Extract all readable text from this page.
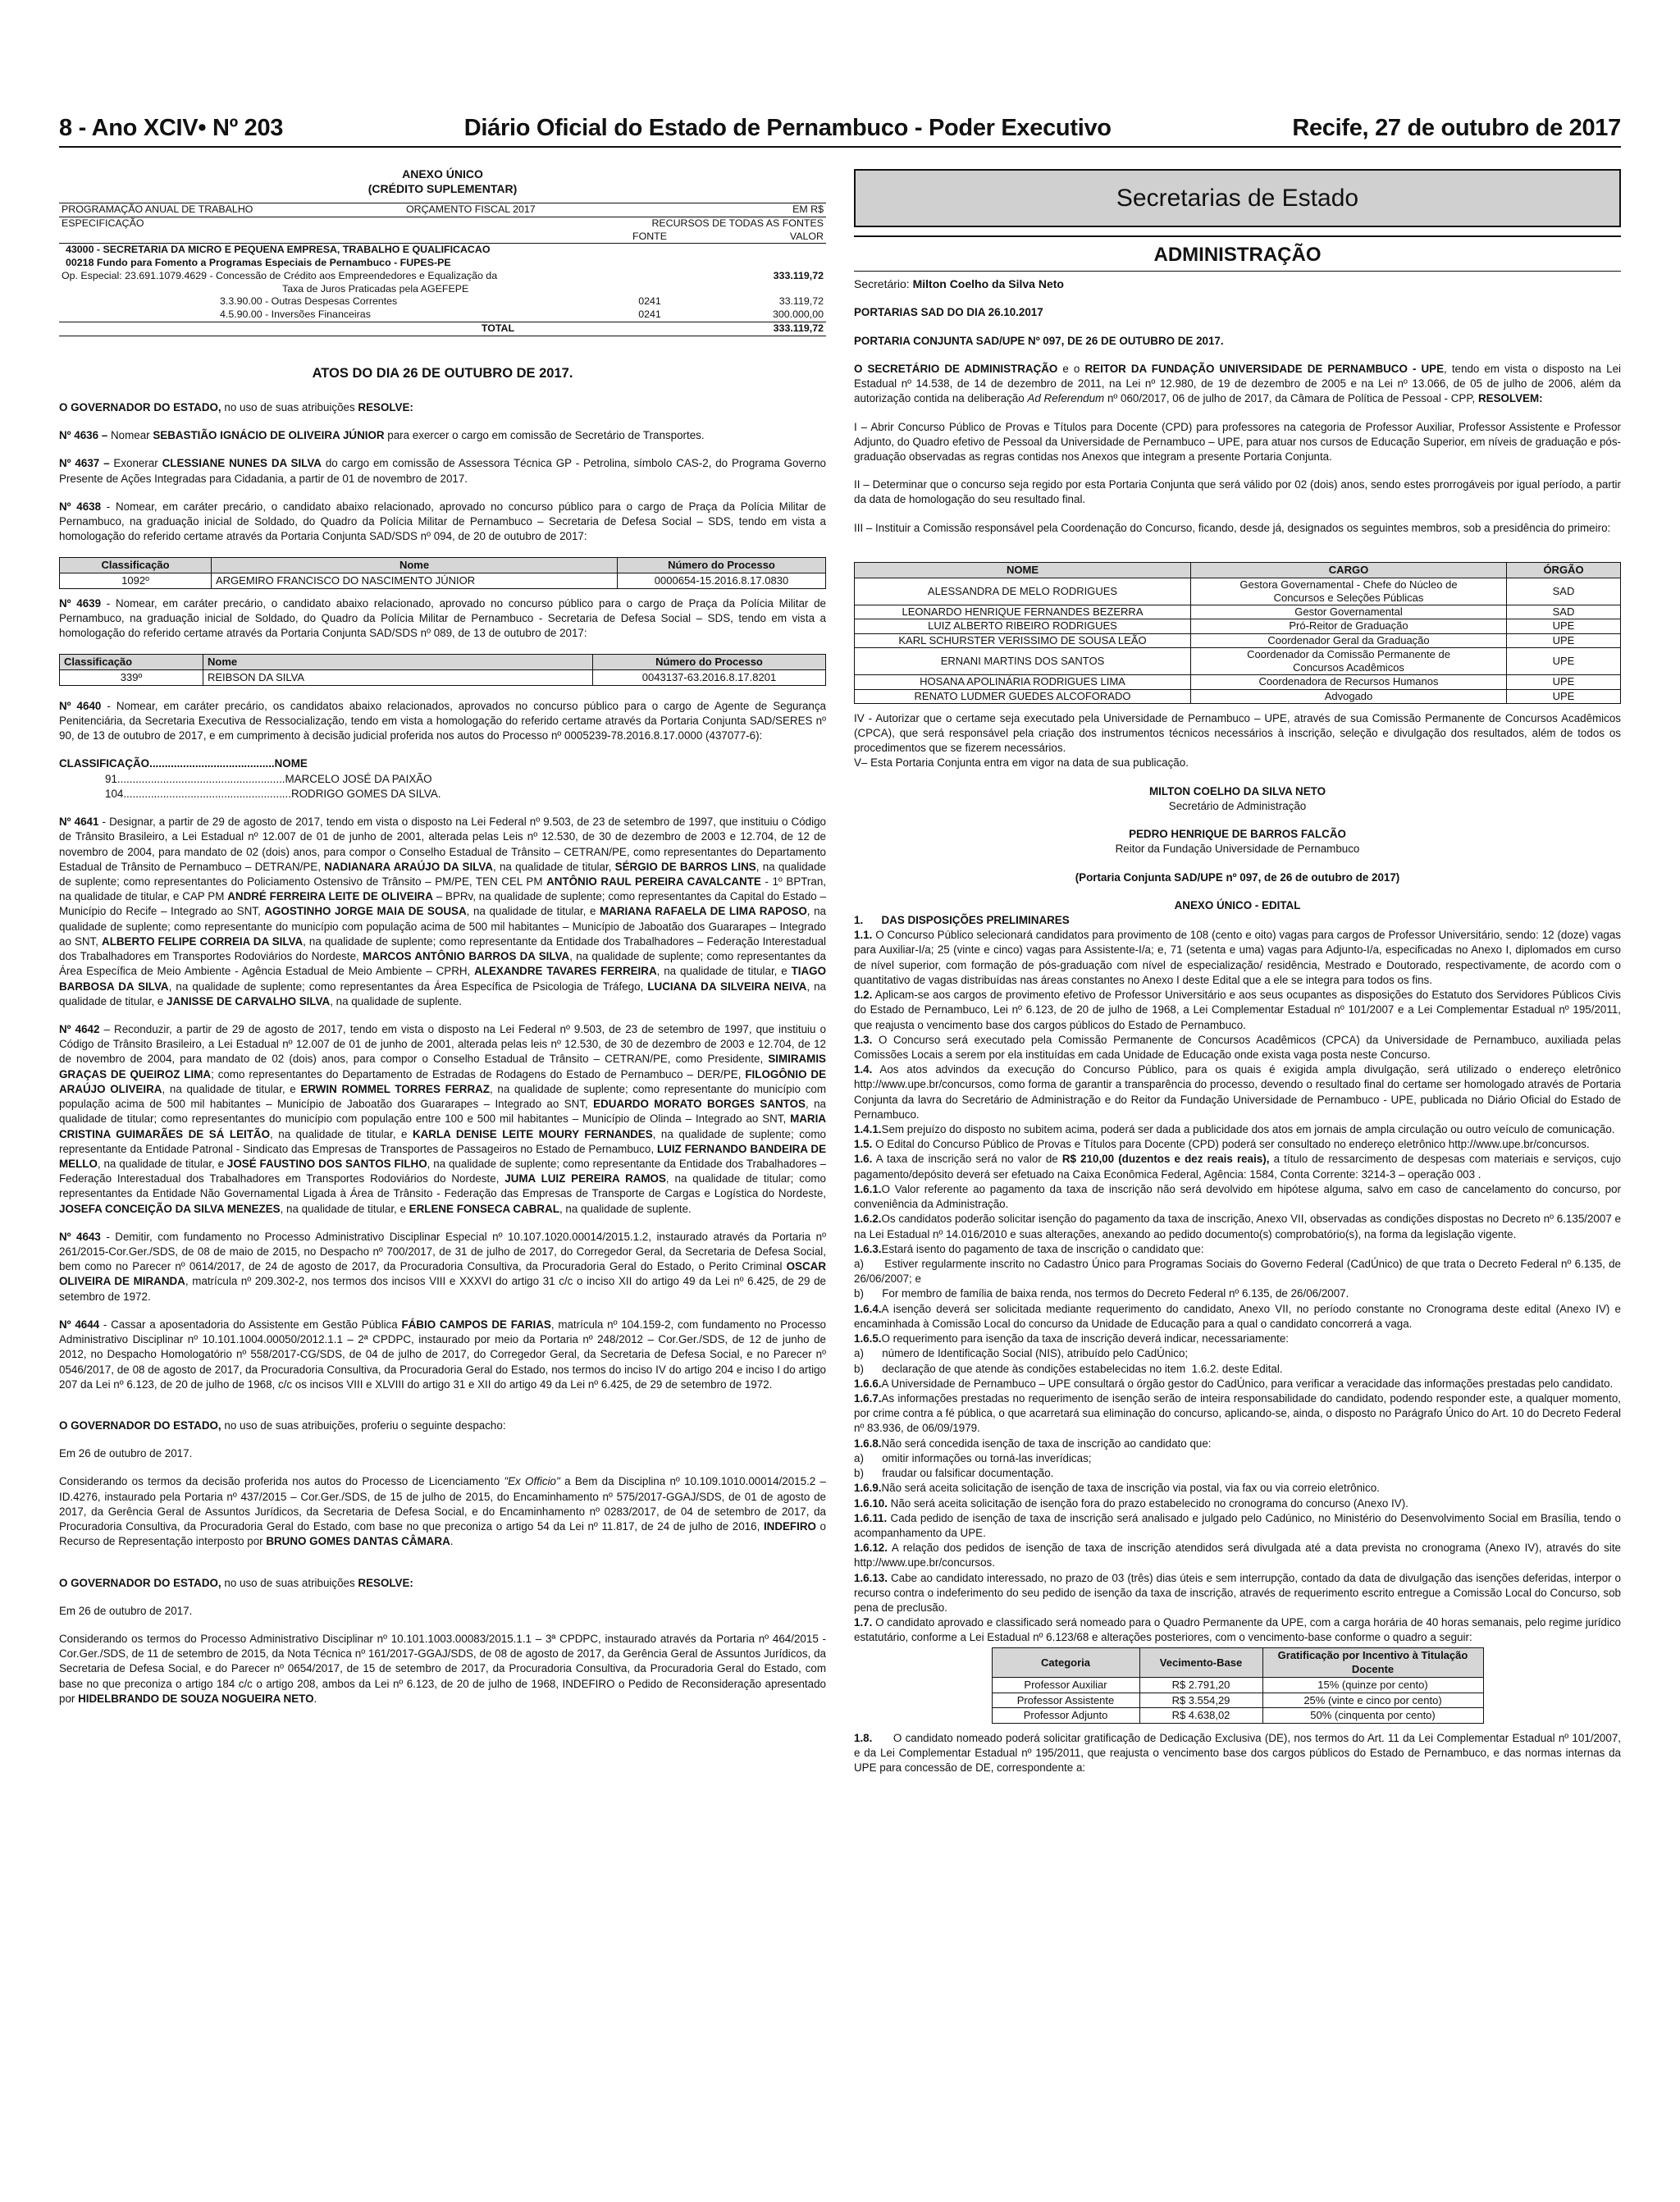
8 - Ano XCIV• Nº 203	Diário Oficial do Estado de Pernambuco - Poder Executivo	Recife, 27 de outubro de 2017
ANEXO ÚNICO
(CRÉDITO SUPLEMENTAR)
PROGRAMAÇÃO ANUAL DE TRABALHO	ORÇAMENTO FISCAL 2017		EM R$
ESPECIFICAÇÃO		RECURSOS DE TODAS AS FONTES	
		FONTE	VALOR
43000 - SECRETARIA DA MICRO E PEQUENA EMPRESA, TRABALHO E QUALIFICACAO			
00218 Fundo para Fomento a Programas Especiais de Pernambuco - FUPES-PE			
Op. Especial: 23.691.1079.4629 - Concessão de Crédito aos Empreendedores e Equalização da			333.119,72
Taxa de Juros Praticadas pela AGEFEPE			
3.3.90.00 - Outras Despesas Correntes		0241	33.119,72
4.5.90.00 - Inversões Financeiras		0241	300.000,00
	TOTAL		333.119,72
ATOS DO DIA 26 DE OUTUBRO DE 2017.

O GOVERNADOR DO ESTADO, no uso de suas atribuições RESOLVE:

Nº 4636 – Nomear SEBASTIÃO IGNÁCIO DE OLIVEIRA JÚNIOR para exercer o cargo em comissão de Secretário de Transportes.

Nº 4637 – Exonerar CLESSIANE NUNES DA SILVA do cargo em comissão de Assessora Técnica GP - Petrolina, símbolo CAS-2, do Programa Governo Presente de Ações Integradas para Cidadania, a partir de 01 de novembro de 2017.

Nº 4638 - Nomear, em caráter precário, o candidato abaixo relacionado, aprovado no concurso público para o cargo de Praça da Polícia Militar de Pernambuco, na graduação inicial de Soldado, do Quadro da Polícia Militar de Pernambuco – Secretaria de Defesa Social – SDS, tendo em vista a homologação do referido certame através da Portaria Conjunta SAD/SDS nº 094, de 20 de outubro de 2017:

Classificação	Nome	Número do Processo
1092º	ARGEMIRO FRANCISCO DO NASCIMENTO JÚNIOR	0000654-15.2016.8.17.0830

Nº 4639 - Nomear, em caráter precário, o candidato abaixo relacionado, aprovado no concurso público para o cargo de Praça da Polícia Militar de Pernambuco, na graduação inicial de Soldado, do Quadro da Polícia Militar de Pernambuco - Secretaria de Defesa Social – SDS, tendo em vista a homologação do referido certame através da Portaria Conjunta SAD/SDS nº 089, de 13 de outubro de 2017:

Classificação	Nome	Número do Processo
339º	REIBSON DA SILVA	0043137-63.2016.8.17.8201

Nº 4640 - Nomear, em caráter precário, os candidatos abaixo relacionados, aprovados no concurso público para o cargo de Agente de Segurança Penitenciária, da Secretaria Executiva de Ressocialização, tendo em vista a homologação do referido certame através da Portaria Conjunta SAD/SERES nº 90, de 13 de outubro de 2017, e em cumprimento à decisão judicial proferida nos autos do Processo nº 0005239-78.2016.8.17.0000 (437077-6):

CLASSIFICAÇÃO.........................................NOME
91.......................................................MARCELO JOSÉ DA PAIXÃO
104.......................................................RODRIGO GOMES DA SILVA.

Nº 4641 - Designar, a partir de 29 de agosto de 2017, tendo em vista o disposto na Lei Federal nº 9.503, de 23 de setembro de 1997, que instituiu o Código de Trânsito Brasileiro, a Lei Estadual nº 12.007 de 01 de junho de 2001, alterada pelas Leis nº 12.530, de 30 de dezembro de 2003 e 12.704, de 12 de novembro de 2004, para mandato de 02 (dois) anos, para compor o Conselho Estadual de Trânsito – CETRAN/PE, como representantes do Departamento Estadual de Trânsito de Pernambuco – DETRAN/PE, NADIANARA ARAÚJO DA SILVA, na qualidade de titular, SÉRGIO DE BARROS LINS, na qualidade de suplente; como representantes do Policiamento Ostensivo de Trânsito – PM/PE, TEN CEL PM ANTÔNIO RAUL PEREIRA CAVALCANTE - 1º BPTran, na qualidade de titular, e CAP PM ANDRÉ FERREIRA LEITE DE OLIVEIRA – BPRv, na qualidade de suplente; como representantes da Capital do Estado – Município do Recife – Integrado ao SNT, AGOSTINHO JORGE MAIA DE SOUSA, na qualidade de titular, e MARIANA RAFAELA DE LIMA RAPOSO, na qualidade de suplente; como representante do município com população acima de 500 mil habitantes – Município de Jaboatão dos Guararapes – Integrado ao SNT, ALBERTO FELIPE CORREIA DA SILVA, na qualidade de suplente; como representante da Entidade dos Trabalhadores – Federação Interestadual dos Trabalhadores em Transportes Rodoviários do Nordeste, MARCOS ANTÔNIO BARROS DA SILVA, na qualidade de suplente; como representantes da Área Específica de Meio Ambiente - Agência Estadual de Meio Ambiente – CPRH, ALEXANDRE TAVARES FERREIRA, na qualidade de titular, e TIAGO BARBOSA DA SILVA, na qualidade de suplente; como representantes da Área Específica de Psicologia de Tráfego, LUCIANA DA SILVEIRA NEIVA, na qualidade de titular, e JANISSE DE CARVALHO SILVA, na qualidade de suplente.

Nº 4642 – Reconduzir, a partir de 29 de agosto de 2017, tendo em vista o disposto na Lei Federal nº 9.503, de 23 de setembro de 1997, que instituiu o Código de Trânsito Brasileiro, a Lei Estadual nº 12.007 de 01 de junho de 2001, alterada pelas leis nº 12.530, de 30 de dezembro de 2003 e 12.704, de 12 de novembro de 2004, para mandato de 02 (dois) anos, para compor o Conselho Estadual de Trânsito – CETRAN/PE, como Presidente, SIMIRAMIS GRAÇAS DE QUEIROZ LIMA; como representantes do Departamento de Estradas de Rodagens do Estado de Pernambuco – DER/PE, FILOGÔNIO DE ARAÚJO OLIVEIRA, na qualidade de titular, e ERWIN ROMMEL TORRES FERRAZ, na qualidade de suplente; como representante do município com população acima de 500 mil habitantes – Município de Jaboatão dos Guararapes – Integrado ao SNT, EDUARDO MORATO BORGES SANTOS, na qualidade de titular; como representantes do município com população entre 100 e 500 mil habitantes – Município de Olinda – Integrado ao SNT, MARIA CRISTINA GUIMARÃES DE SÁ LEITÃO, na qualidade de titular, e KARLA DENISE LEITE MOURY FERNANDES, na qualidade de suplente; como representante da Entidade Patronal - Sindicato das Empresas de Transportes de Passageiros no Estado de Pernambuco, LUIZ FERNANDO BANDEIRA DE MELLO, na qualidade de titular, e JOSÉ FAUSTINO DOS SANTOS FILHO, na qualidade de suplente; como representante da Entidade dos Trabalhadores – Federação Interestadual dos Trabalhadores em Transportes Rodoviários do Nordeste, JUMA LUIZ PEREIRA RAMOS, na qualidade de titular; como representantes da Entidade Não Governamental Ligada à Área de Trânsito - Federação das Empresas de Transporte de Cargas e Logística do Nordeste, JOSEFA CONCEIÇÃO DA SILVA MENEZES, na qualidade de titular, e ERLENE FONSECA CABRAL, na qualidade de suplente.

Nº 4643 - Demitir, com fundamento no Processo Administrativo Disciplinar Especial nº 10.107.1020.00014/2015.1.2, instaurado através da Portaria nº 261/2015-Cor.Ger./SDS, de 08 de maio de 2015, no Despacho nº 700/2017, de 31 de julho de 2017, do Corregedor Geral, da Secretaria de Defesa Social, bem como no Parecer nº 0614/2017, de 24 de agosto de 2017, da Procuradoria Consultiva, da Procuradoria Geral do Estado, o Perito Criminal OSCAR OLIVEIRA DE MIRANDA, matrícula nº 209.302-2, nos termos dos incisos VIII e XXXVI do artigo 31 c/c o inciso XII do artigo 49 da Lei nº 6.425, de 29 de setembro de 1972.

Nº 4644 - Cassar a aposentadoria do Assistente em Gestão Pública FÁBIO CAMPOS DE FARIAS, matrícula nº 104.159-2, com fundamento no Processo Administrativo Disciplinar nº 10.101.1004.00050/2012.1.1 – 2ª CPDPC, instaurado por meio da Portaria nº 248/2012 – Cor.Ger./SDS, de 12 de junho de 2012, no Despacho Homologatório nº 558/2017-CG/SDS, de 04 de julho de 2017, do Corregedor Geral, da Secretaria de Defesa Social, e no Parecer nº 0546/2017, de 08 de agosto de 2017, da Procuradoria Consultiva, da Procuradoria Geral do Estado, nos termos do inciso IV do artigo 204 e inciso I do artigo 207 da Lei nº 6.123, de 20 de julho de 1968, c/c os incisos VIII e XLVIII do artigo 31 e XII do artigo 49 da Lei nº 6.425, de 29 de setembro de 1972.

O GOVERNADOR DO ESTADO, no uso de suas atribuições, proferiu o seguinte despacho:

Em 26 de outubro de 2017.

Considerando os termos da decisão proferida nos autos do Processo de Licenciamento "Ex Officio" a Bem da Disciplina nº 10.109.1010.00014/2015.2 – ID.4276, instaurado pela Portaria nº 437/2015 – Cor.Ger./SDS, de 15 de julho de 2015, do Encaminhamento nº 575/2017-GGAJ/SDS, de 01 de agosto de 2017, da Gerência Geral de Assuntos Jurídicos, da Secretaria de Defesa Social, e do Encaminhamento nº 0283/2017, de 04 de setembro de 2017, da Procuradoria Consultiva, da Procuradoria Geral do Estado, com base no que preconiza o artigo 54 da Lei nº 11.817, de 24 de julho de 2016, INDEFIRO o Recurso de Representação interposto por BRUNO GOMES DANTAS CÂMARA.

O GOVERNADOR DO ESTADO, no uso de suas atribuições RESOLVE:

Em 26 de outubro de 2017.

Considerando os termos do Processo Administrativo Disciplinar nº 10.101.1003.00083/2015.1.1 – 3ª CPDPC, instaurado através da Portaria nº 464/2015 - Cor.Ger./SDS, de 11 de setembro de 2015, da Nota Técnica nº 161/2017-GGAJ/SDS, de 08 de agosto de 2017, da Gerência Geral de Assuntos Jurídicos, da Secretaria de Defesa Social, e do Parecer nº 0654/2017, de 15 de setembro de 2017, da Procuradoria Consultiva, da Procuradoria Geral do Estado, com base no que preconiza o artigo 184 c/c o artigo 208, ambos da Lei nº 6.123, de 20 de julho de 1968, INDEFIRO o Pedido de Reconsideração apresentado por HIDELBRANDO DE SOUZA NOGUEIRA NETO.

Secretarias de Estado
ADMINISTRAÇÃO
Secretário: Milton Coelho da Silva Neto

PORTARIAS SAD DO DIA 26.10.2017

PORTARIA CONJUNTA SAD/UPE Nº 097, DE 26 DE OUTUBRO DE 2017.

O SECRETÁRIO DE ADMINISTRAÇÃO e o REITOR DA FUNDAÇÃO UNIVERSIDADE DE PERNAMBUCO - UPE, tendo em vista o disposto na Lei Estadual nº 14.538, de 14 de dezembro de 2011, na Lei nº 12.980, de 19 de dezembro de 2005 e na Lei nº 13.066, de 05 de julho de 2006, além da autorização contida na deliberação Ad Referendum nº 060/2017, 06 de julho de 2017, da Câmara de Política de Pessoal - CPP, RESOLVEM:

I – Abrir Concurso Público de Provas e Títulos para Docente (CPD) para professores na categoria de Professor Auxiliar, Professor Assistente e Professor Adjunto, do Quadro efetivo de Pessoal da Universidade de Pernambuco – UPE, para atuar nos cursos de Educação Superior, em níveis de graduação e pós-graduação observadas as regras contidas nos Anexos que integram a presente Portaria Conjunta.

II – Determinar que o concurso seja regido por esta Portaria Conjunta que será válido por 02 (dois) anos, sendo estes prorrogáveis por igual período, a partir da data de homologação do seu resultado final.

III – Instituir a Comissão responsável pela Coordenação do Concurso, ficando, desde já, designados os seguintes membros, sob a presidência do primeiro:

NOME	CARGO	ÓRGÃO
ALESSANDRA DE MELO RODRIGUES	Gestora Governamental - Chefe do Núcleo de
Concursos e Seleções Públicas	SAD
LEONARDO HENRIQUE FERNANDES BEZERRA	Gestor Governamental	SAD
LUIZ ALBERTO RIBEIRO RODRIGUES	Pró-Reitor de Graduação	UPE
KARL SCHURSTER VERISSIMO DE SOUSA LEÃO	Coordenador Geral da Graduação	UPE
ERNANI MARTINS DOS SANTOS	Coordenador da Comissão Permanente de
Concursos Acadêmicos	UPE
HOSANA APOLINÁRIA RODRIGUES LIMA	Coordenadora de Recursos Humanos	UPE
RENATO LUDMER GUEDES ALCOFORADO	Advogado	UPE

IV - Autorizar que o certame seja executado pela Universidade de Pernambuco – UPE, através de sua Comissão Permanente de Concursos Acadêmicos (CPCA), que será responsável pela criação dos instrumentos técnicos necessários à inscrição, seleção e divulgação dos resultados, além de todos os procedimentos que se fizerem necessários.

V– Esta Portaria Conjunta entra em vigor na data de sua publicação.

MILTON COELHO DA SILVA NETO
Secretário de Administração
PEDRO HENRIQUE DE BARROS FALCÃO
Reitor da Fundação Universidade de Pernambuco
(Portaria Conjunta SAD/UPE nº 097, de 26 de outubro de 2017)
ANEXO ÚNICO - EDITAL

1.      DAS DISPOSIÇÕES PRELIMINARES

1.1. O Concurso Público selecionará candidatos para provimento de 108 (cento e oito) vagas para cargos de Professor Universitário, sendo: 12 (doze) vagas para Auxiliar-I/a; 25 (vinte e cinco) vagas para Assistente-I/a; e, 71 (setenta e uma) vagas para Adjunto-I/a, especificadas no Anexo I, diplomados em curso de nível superior, com formação de pós-graduação com nível de especialização/ residência, Mestrado e Doutorado, respectivamente, de acordo com o quantitativo de vagas distribuídas nas áreas constantes no Anexo I deste Edital que a ele se integra para todos os fins.

1.2. Aplicam-se aos cargos de provimento efetivo de Professor Universitário e aos seus ocupantes as disposições do Estatuto dos Servidores Públicos Civis do Estado de Pernambuco, Lei nº 6.123, de 20 de julho de 1968, a Lei Complementar Estadual nº 101/2007 e a Lei Complementar Estadual nº 195/2011, que reajusta o vencimento base dos cargos públicos do Estado de Pernambuco.

1.3. O Concurso será executado pela Comissão Permanente de Concursos Acadêmicos (CPCA) da Universidade de Pernambuco, auxiliada pelas Comissões Locais a serem por ela instituídas em cada Unidade de Educação onde exista vaga posta neste Concurso.

1.4. Aos atos advindos da execução do Concurso Público, para os quais é exigida ampla divulgação, será utilizado o endereço eletrônico http://www.upe.br/concursos, como forma de garantir a transparência do processo, devendo o resultado final do certame ser homologado através de Portaria Conjunta da lavra do Secretário de Administração e do Reitor da Fundação Universidade de Pernambuco - UPE, publicada no Diário Oficial do Estado de Pernambuco.

1.4.1.Sem prejuízo do disposto no subitem acima, poderá ser dada a publicidade dos atos em jornais de ampla circulação ou outro veículo de comunicação.

1.5. O Edital do Concurso Público de Provas e Títulos para Docente (CPD) poderá ser consultado no endereço eletrônico http://www.upe.br/concursos.

1.6. A taxa de inscrição será no valor de R$ 210,00 (duzentos e dez reais reais), a título de ressarcimento de despesas com materiais e serviços, cujo pagamento/depósito deverá ser efetuado na Caixa Econômica Federal, Agência: 1584, Conta Corrente: 3214-3 – operação 003 .

1.6.1.O Valor referente ao pagamento da taxa de inscrição não será devolvido em hipótese alguma, salvo em caso de cancelamento do concurso, por conveniência da Administração.

1.6.2.Os candidatos poderão solicitar isenção do pagamento da taxa de inscrição, Anexo VII, observadas as condições dispostas no Decreto nº 6.135/2007 e na Lei Estadual nº 14.016/2010 e suas alterações, anexando ao pedido documento(s) comprobatório(s), na forma da legislação vigente.

1.6.3.Estará isento do pagamento de taxa de inscrição o candidato que:

a)      Estiver regularmente inscrito no Cadastro Único para Programas Sociais do Governo Federal (CadÚnico) de que trata o Decreto Federal nº 6.135, de 26/06/2007; e

b)      For membro de família de baixa renda, nos termos do Decreto Federal nº 6.135, de 26/06/2007.

1.6.4.A isenção deverá ser solicitada mediante requerimento do candidato, Anexo VII, no período constante no Cronograma deste edital (Anexo IV) e encaminhada à Comissão Local do concurso da Unidade de Educação para a qual o candidato concorrerá a vaga.

1.6.5.O requerimento para isenção da taxa de inscrição deverá indicar, necessariamente:

a)      número de Identificação Social (NIS), atribuído pelo CadÚnico;

b)      declaração de que atende às condições estabelecidas no item  1.6.2. deste Edital.

1.6.6.A Universidade de Pernambuco – UPE consultará o órgão gestor do CadÚnico, para verificar a veracidade das informações prestadas pelo candidato.

1.6.7.As informações prestadas no requerimento de isenção serão de inteira responsabilidade do candidato, podendo responder este, a qualquer momento, por crime contra a fé pública, o que acarretará sua eliminação do concurso, aplicando-se, ainda, o disposto no Parágrafo Único do Art. 10 do Decreto Federal nº 83.936, de 06/09/1979.

1.6.8.Não será concedida isenção de taxa de inscrição ao candidato que:

a)      omitir informações ou torná-las inverídicas;

b)      fraudar ou falsificar documentação.

1.6.9.Não será aceita solicitação de isenção de taxa de inscrição via postal, via fax ou via correio eletrônico.

1.6.10. Não será aceita solicitação de isenção fora do prazo estabelecido no cronograma do concurso (Anexo IV).

1.6.11. Cada pedido de isenção de taxa de inscrição será analisado e julgado pelo Cadúnico, no Ministério do Desenvolvimento Social em Brasília, tendo o acompanhamento da UPE.

1.6.12. A relação dos pedidos de isenção de taxa de inscrição atendidos será divulgada até a data prevista no cronograma (Anexo IV), através do site http://www.upe.br/concursos.

1.6.13. Cabe ao candidato interessado, no prazo de 03 (três) dias úteis e sem interrupção, contado da data de divulgação das isenções deferidas, interpor o recurso contra o indeferimento do seu pedido de isenção da taxa de inscrição, através de requerimento escrito entregue a Comissão Local do Concurso, sob pena de preclusão.

1.7. O candidato aprovado e classificado será nomeado para o Quadro Permanente da UPE, com a carga horária de 40 horas semanais, pelo regime jurídico estatutário, conforme a Lei Estadual nº 6.123/68 e alterações posteriores, com o vencimento-base conforme o quadro a seguir:

Categoria	Vecimento-Base	Gratificação por Incentivo à Titulação Docente
Professor Auxiliar	R$ 2.791,20	15% (quinze por cento)
Professor Assistente	R$ 3.554,29	25% (vinte e cinco por cento)
Professor Adjunto	R$ 4.638,02	50% (cinquenta por cento)

1.8.      O candidato nomeado poderá solicitar gratificação de Dedicação Exclusiva (DE), nos termos do Art. 11 da Lei Complementar Estadual nº 101/2007,  e da Lei Complementar Estadual nº 195/2011, que reajusta o vencimento base dos cargos públicos do Estado de Pernambuco, e das normas internas da UPE para concessão de DE, correspondente a:
